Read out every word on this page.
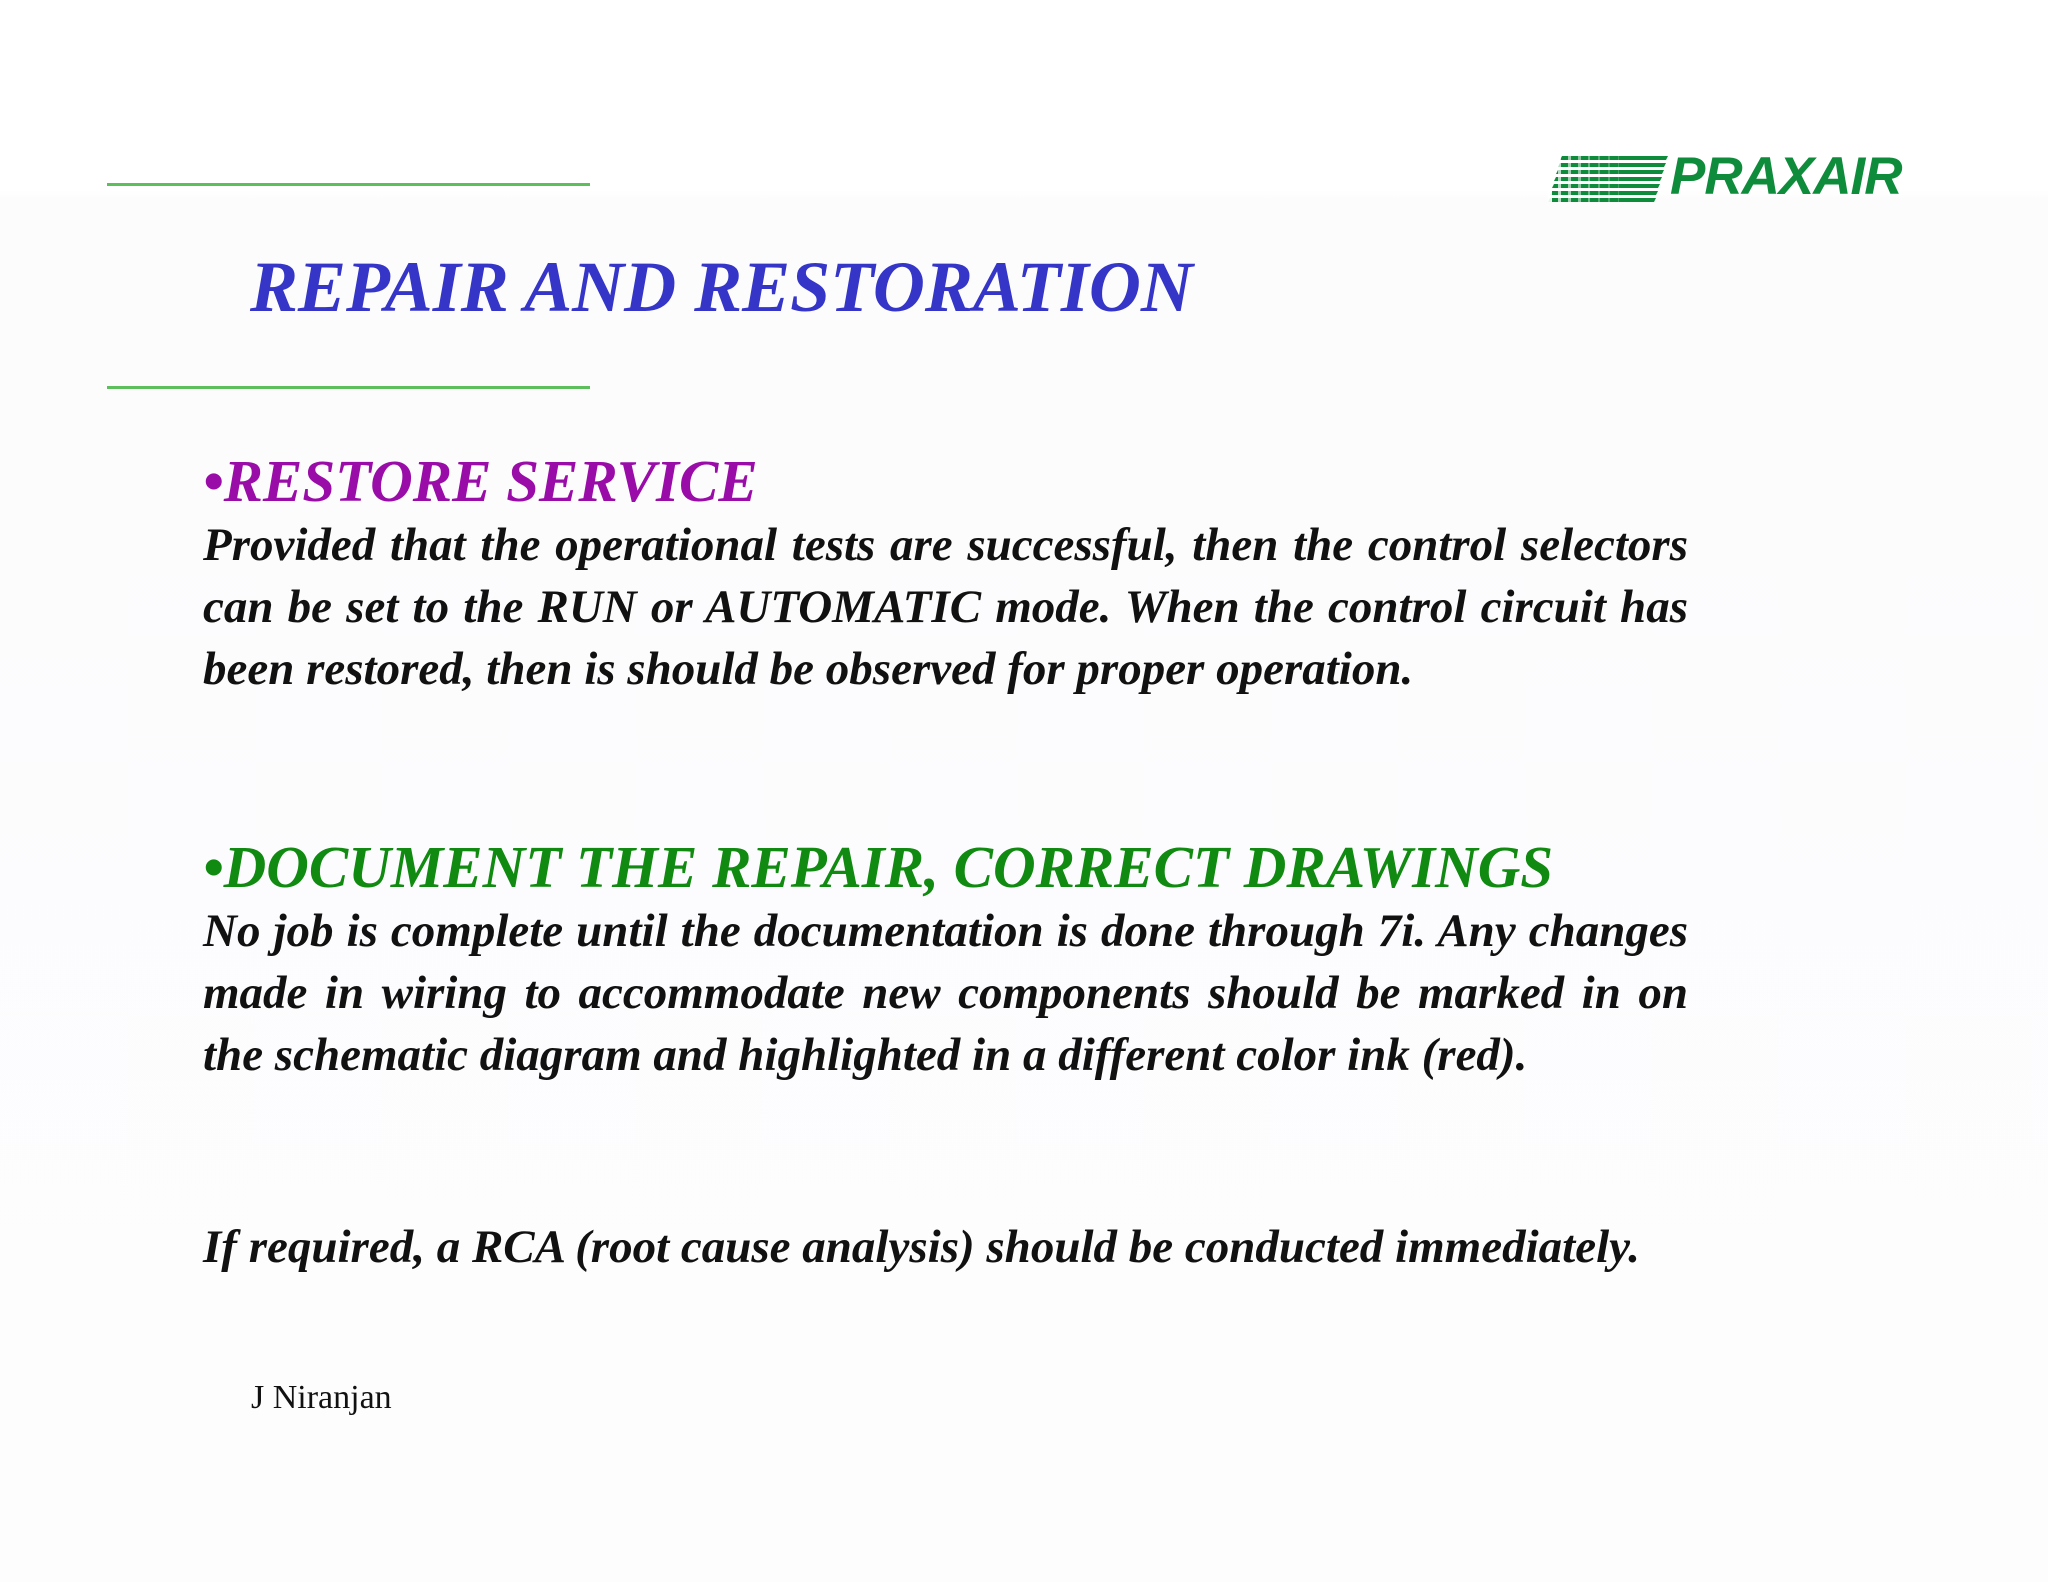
PRAXAIR
REPAIR AND RESTORATION

•RESTORE SERVICE

Provided that the operational tests are successful, then the control selectors can be set to the RUN or AUTOMATIC mode. When the control circuit has been restored, then is should be observed for proper operation.

•DOCUMENT THE REPAIR, CORRECT DRAWINGS

No job is complete until the documentation is done through 7i. Any changes made in wiring to accommodate new components should be marked in on the schematic diagram and highlighted in a different color ink (red).

If required, a RCA (root cause analysis) should be conducted immediately.

J Niranjan
